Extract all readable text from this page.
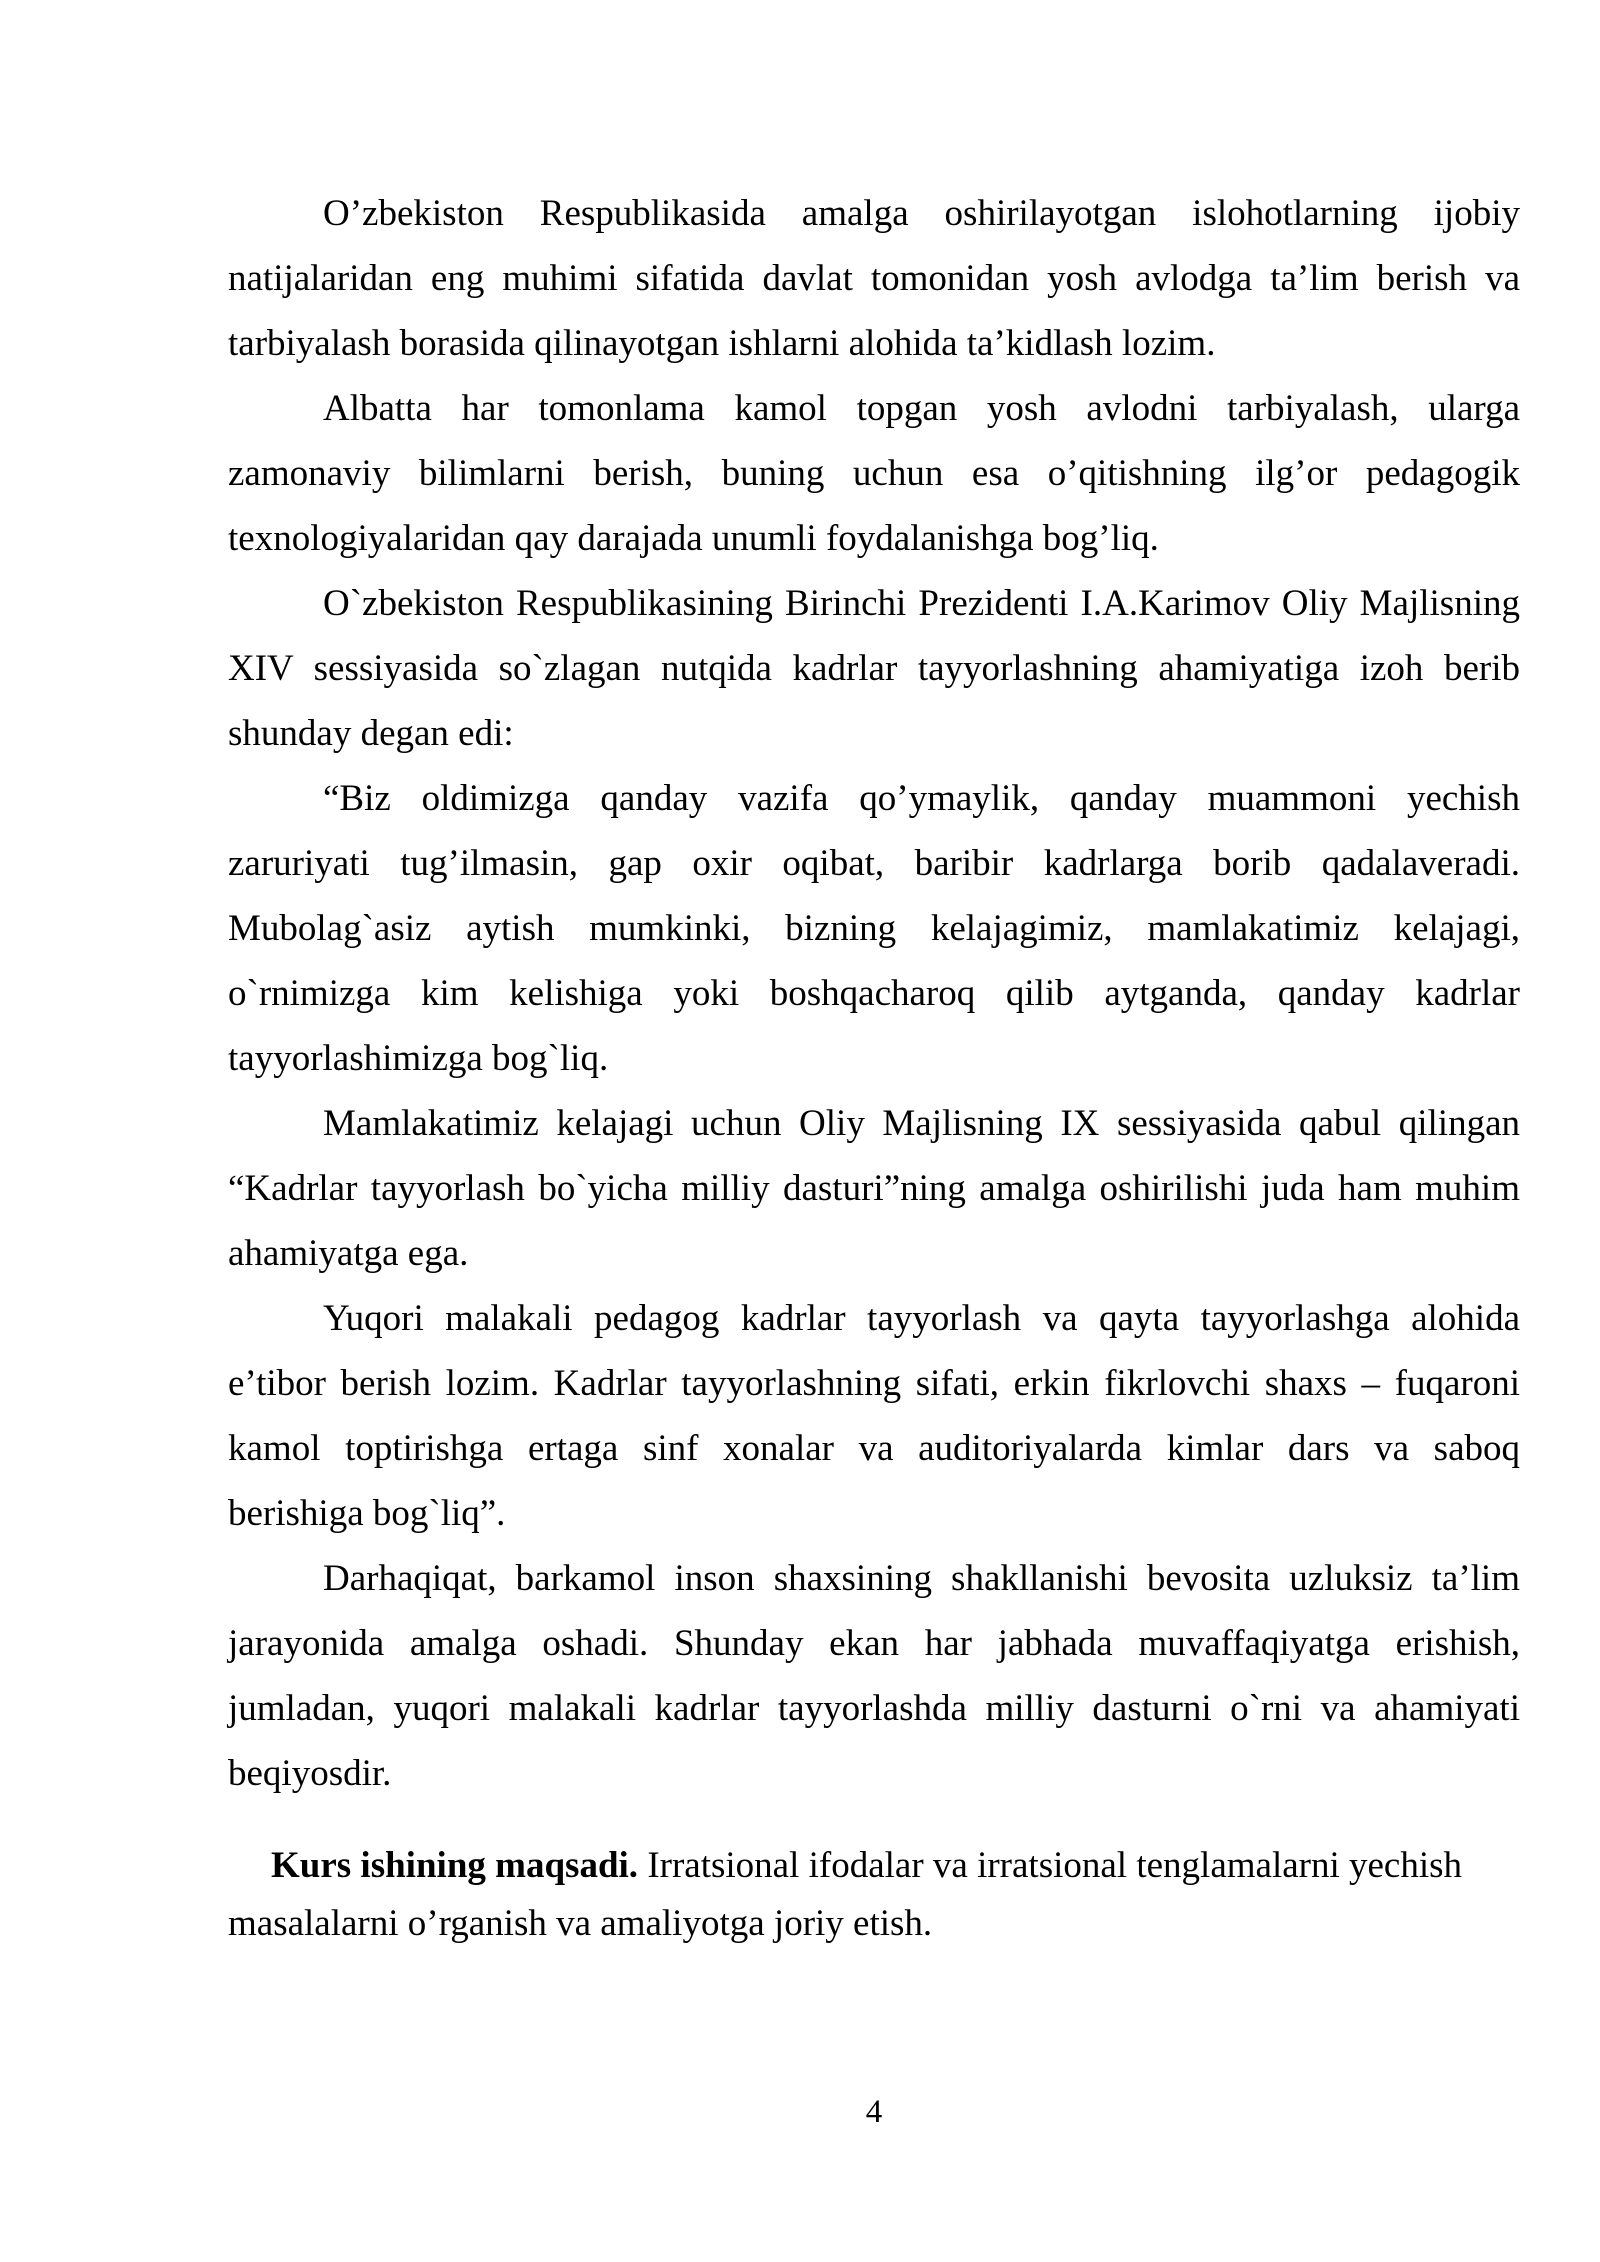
O’zbekiston Respublikasida amalga oshirilayotgan islohotlarning ijobiy
natijalaridan eng muhimi sifatida davlat tomonidan yosh avlodga ta’lim berish va
tarbiyalash borasida qilinayotgan ishlarni alohida ta’kidlash lozim.
Albatta har tomonlama kamol topgan yosh avlodni tarbiyalash, ularga
zamonaviy bilimlarni berish, buning uchun esa o’qitishning ilg’or pedagogik
texnologiyalaridan qay darajada unumli foydalanishga bog’liq.
O`zbekiston Respublikasining Birinchi Prezidenti I.A.Karimov Oliy Majlisning
XIV sessiyasida so`zlagan nutqida kadrlar tayyorlashning ahamiyatiga izoh berib
shunday degan edi:
“Biz oldimizga qanday vazifa qo’ymaylik, qanday muammoni yechish
zaruriyati tug’ilmasin, gap oxir oqibat, baribir kadrlarga borib qadalaveradi.
Mubolag`asiz aytish mumkinki, bizning kelajagimiz, mamlakatimiz kelajagi,
o`rnimizga kim kelishiga yoki boshqacharoq qilib aytganda, qanday kadrlar
tayyorlashimizga bog`liq.
Mamlakatimiz kelajagi uchun Oliy Majlisning IX sessiyasida qabul qilingan
“Kadrlar tayyorlash bo`yicha milliy dasturi”ning amalga oshirilishi juda ham muhim
ahamiyatga ega.
Yuqori malakali pedagog kadrlar tayyorlash va qayta tayyorlashga alohida
e’tibor berish lozim. Kadrlar tayyorlashning sifati, erkin fikrlovchi shaxs – fuqaroni
kamol toptirishga ertaga sinf xonalar va auditoriyalarda kimlar dars va saboq
berishiga bog`liq”.
Darhaqiqat, barkamol inson shaxsining shakllanishi bevosita uzluksiz ta’lim
jarayonida amalga oshadi. Shunday ekan har jabhada muvaffaqiyatga erishish,
jumladan, yuqori malakali kadrlar tayyorlashda milliy dasturni o`rni va ahamiyati
beqiyosdir.
Kurs ishining maqsadi. Irratsional ifodalar va irratsional tenglamalarni yechish
masalalarni o’rganish va amaliyotga joriy etish.
4
